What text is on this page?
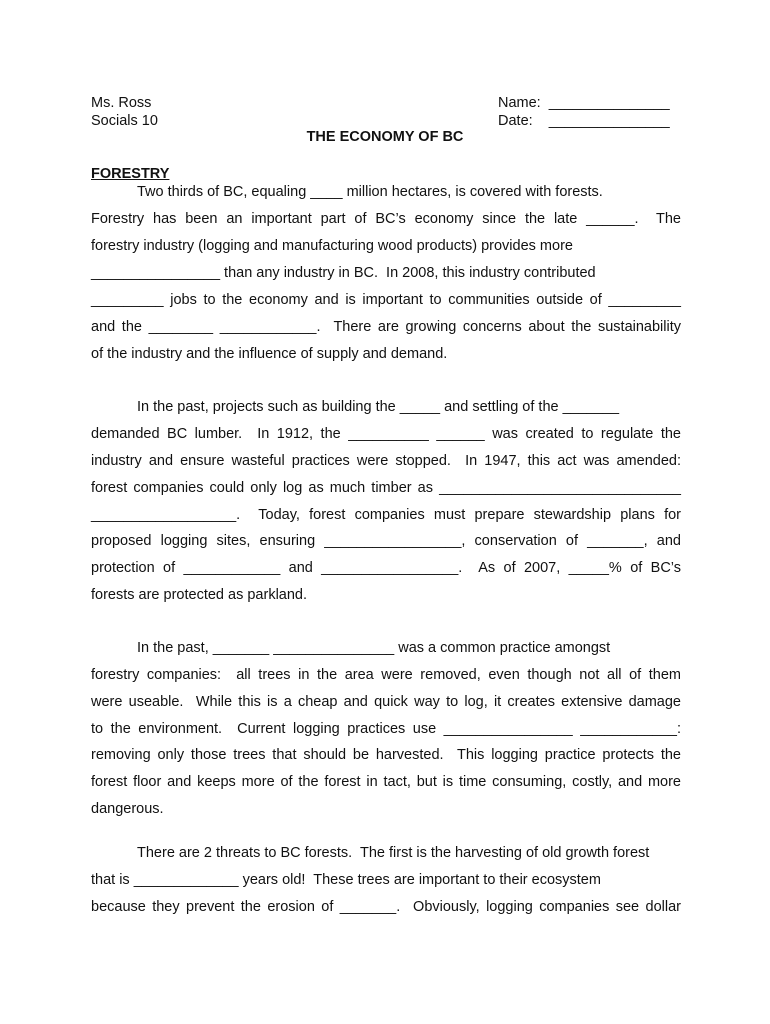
Ms. Ross
Socials 10
Name:  _______________
Date:    _______________
THE ECONOMY OF BC
FORESTRY
Two thirds of BC, equaling ____ million hectares, is covered with forests.
Forestry has been an important part of BC’s economy since the late ______.  The
forestry industry (logging and manufacturing wood products) provides more
________________ than any industry in BC.  In 2008, this industry contributed
_________ jobs to the economy and is important to communities outside of _________
and the ________ ____________.  There are growing concerns about the sustainability
of the industry and the influence of supply and demand.
In the past, projects such as building the _____ and settling of the _______
demanded BC lumber.  In 1912, the __________ ______ was created to regulate the
industry and ensure wasteful practices were stopped.  In 1947, this act was amended:
forest companies could only log as much timber as ______________________________
__________________.  Today, forest companies must prepare stewardship plans for
proposed logging sites, ensuring _________________, conservation of _______, and
protection of ____________ and _________________.  As of 2007, _____% of BC’s
forests are protected as parkland.
In the past, _______ _______________ was a common practice amongst
forestry companies:  all trees in the area were removed, even though not all of them
were useable.  While this is a cheap and quick way to log, it creates extensive damage
to the environment.  Current logging practices use ________________ ____________:
removing only those trees that should be harvested.  This logging practice protects the
forest floor and keeps more of the forest in tact, but is time consuming, costly, and more
dangerous.
There are 2 threats to BC forests.  The first is the harvesting of old growth forest
that is _____________ years old!  These trees are important to their ecosystem
because they prevent the erosion of _______.  Obviously, logging companies see dollar
